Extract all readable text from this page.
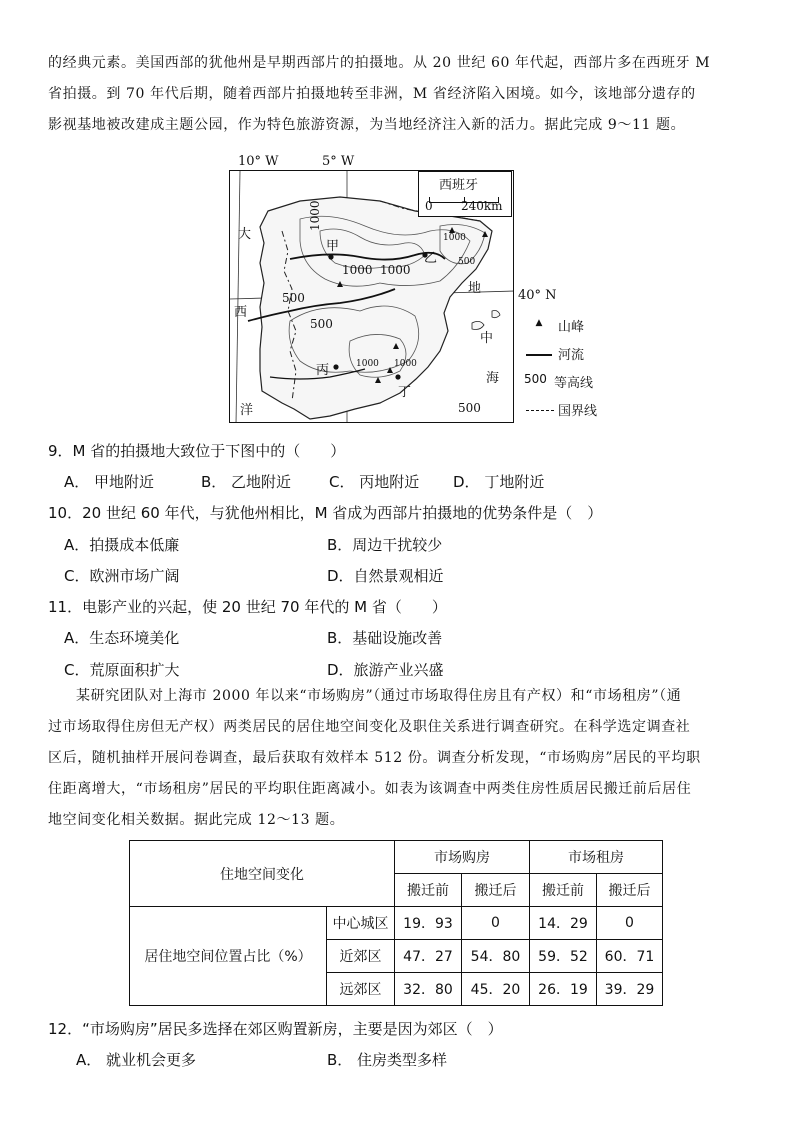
的经典元素。美国西部的犹他州是早期西部片的拍摄地。从 20 世纪 60 年代起，西部片多在西班牙 M
省拍摄。到 70 年代后期，随着西部片拍摄地转至非洲，M 省经济陷入困境。如今，该地部分遗存的
影视基地被改建成主题公园，作为特色旅游资源，为当地经济注入新的活力。据此完成 9～11 题。
10° W	5° W
40° N
西班牙
0 240km
大
西
洋
地
中
海
甲
乙
丙
丁
1000
1000 1000
1000
500
500
500
1000 1000
500
▲	山峰
河流
500 等高线
国界线
9．M 省的拍摄地大致位于下图中的（　　）
A． 甲地附近	B． 乙地附近	C． 丙地附近 D． 丁地附近
10．20 世纪 60 年代，与犹他州相比，M 省成为西部片拍摄地的优势条件是（　）
A．拍摄成本低廉	B．周边干扰较少
C．欧洲市场广阔	D．自然景观相近
11．电影产业的兴起，使 20 世纪 70 年代的 M 省（　　）
A．生态环境美化	B．基础设施改善
C．荒原面积扩大	D．旅游产业兴盛
某研究团队对上海市 2000 年以来“市场购房”（通过市场取得住房且有产权）和“市场租房”（通
过市场取得住房但无产权）两类居民的居住地空间变化及职住关系进行调查研究。在科学选定调查社
区后，随机抽样开展问卷调查，最后获取有效样本 512 份。调查分析发现，“市场购房”居民的平均职
住距离增大，“市场租房”居民的平均职住距离减小。如表为该调查中两类住房性质居民搬迁前后居住
地空间变化相关数据。据此完成 12～13 题。
住地空间变化		市场购房		市场租房	
		搬迁前	搬迁后	搬迁前	搬迁后
居住地空间位置占比（%）	中心城区	19．93	0	14．29	0
	近郊区	47．27	54．80	59．52	60．71
	远郊区	32．80	45．20	26．19	39．29
12．“市场购房”居民多选择在郊区购置新房，主要是因为郊区（　）
A． 就业机会更多	B． 住房类型多样
